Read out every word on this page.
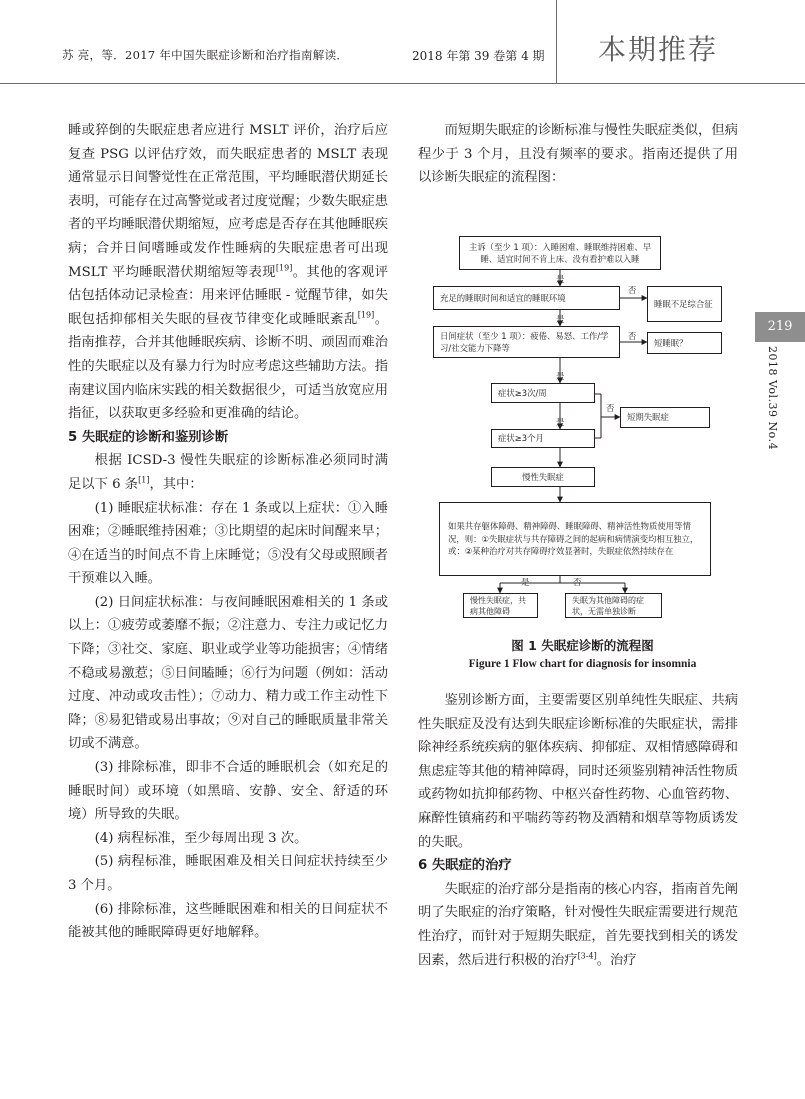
苏 亮，等．2017 年中国失眠症诊断和治疗指南解读．	2018 年第 39 卷第 4 期 本期推荐
219
2018 Vol.39 No.4

睡或猝倒的失眠症患者应进行 MSLT 评价，治疗后应复查 PSG 以评估疗效，而失眠症患者的 MSLT 表现通常显示日间警觉性在正常范围，平均睡眠潜伏期延长表明，可能存在过高警觉或者过度觉醒；少数失眠症患者的平均睡眠潜伏期缩短，应考虑是否存在其他睡眠疾病；合并日间嗜睡或发作性睡病的失眠症患者可出现 MSLT 平均睡眠潜伏期缩短等表现[19]。其他的客观评估包括体动记录检查：用来评估睡眠 - 觉醒节律，如失眠包括抑郁相关失眠的昼夜节律变化或睡眠紊乱[19]。指南推荐，合并其他睡眠疾病、诊断不明、顽固而难治性的失眠症以及有暴力行为时应考虑这些辅助方法。指南建议国内临床实践的相关数据很少，可适当放宽应用指征，以获取更多经验和更准确的结论。

5 失眠症的诊断和鉴别诊断

根据 ICSD-3 慢性失眠症的诊断标准必须同时满足以下 6 条[1]，其中：

(1) 睡眠症状标准：存在 1 条或以上症状：①入睡困难；②睡眠维持困难；③比期望的起床时间醒来早；④在适当的时间点不肯上床睡觉；⑤没有父母或照顾者干预难以入睡。

(2) 日间症状标准：与夜间睡眠困难相关的 1 条或以上：①疲劳或萎靡不振；②注意力、专注力或记忆力下降；③社交、家庭、职业或学业等功能损害；④情绪不稳或易激惹；⑤日间瞌睡；⑥行为问题（例如：活动过度、冲动或攻击性）；⑦动力、精力或工作主动性下降；⑧易犯错或易出事故；⑨对自己的睡眠质量非常关切或不满意。

(3) 排除标准，即非不合适的睡眠机会（如充足的睡眠时间）或环境（如黑暗、安静、安全、舒适的环境）所导致的失眠。

(4) 病程标准，至少每周出现 3 次。

(5) 病程标准，睡眠困难及相关日间症状持续至少 3 个月。

(6) 排除标准，这些睡眠困难和相关的日间症状不能被其他的睡眠障碍更好地解释。

而短期失眠症的诊断标准与慢性失眠症类似，但病程少于 3 个月，且没有频率的要求。指南还提供了用以诊断失眠症的流程图：

主诉（至少 1 项）：入睡困难、睡眠维持困难、早睡、适宜时间不肯上床、没有看护难以入睡
是
充足的睡眠时间和适宜的睡眠环境
否
睡眠不足综合征
是
日间症状（至少 1 项）：疲倦、易怒、工作/学习/社交能力下降等
否
短睡眠？
是
症状≥3次/周
否
短期失眠症
是
症状≥3个月
慢性失眠症
如果共存躯体障碍、精神障碍、睡眠障碍、精神活性物质使用等情况，则：①失眠症状与共存障碍之间的起病和病情演变均相互独立，或：②某种治疗对共存障碍疗效显著时，失眠症依然持续存在
是	否
慢性失眠症，共病其他障碍
失眠为其他障碍的症状，无需单独诊断
图 1 失眠症诊断的流程图
Figure 1 Flow chart for diagnosis for insomnia

鉴别诊断方面，主要需要区别单纯性失眠症、共病性失眠症及没有达到失眠症诊断标准的失眠症状，需排除神经系统疾病的躯体疾病、抑郁症、双相情感障碍和焦虑症等其他的精神障碍，同时还须鉴别精神活性物质或药物如抗抑郁药物、中枢兴奋性药物、心血管药物、麻醉性镇痛药和平喘药等药物及酒精和烟草等物质诱发的失眠。

6 失眠症的治疗

失眠症的治疗部分是指南的核心内容，指南首先阐明了失眠症的治疗策略，针对慢性失眠症需要进行规范性治疗，而针对于短期失眠症，首先要找到相关的诱发因素，然后进行积极的治疗[3-4]。治疗
